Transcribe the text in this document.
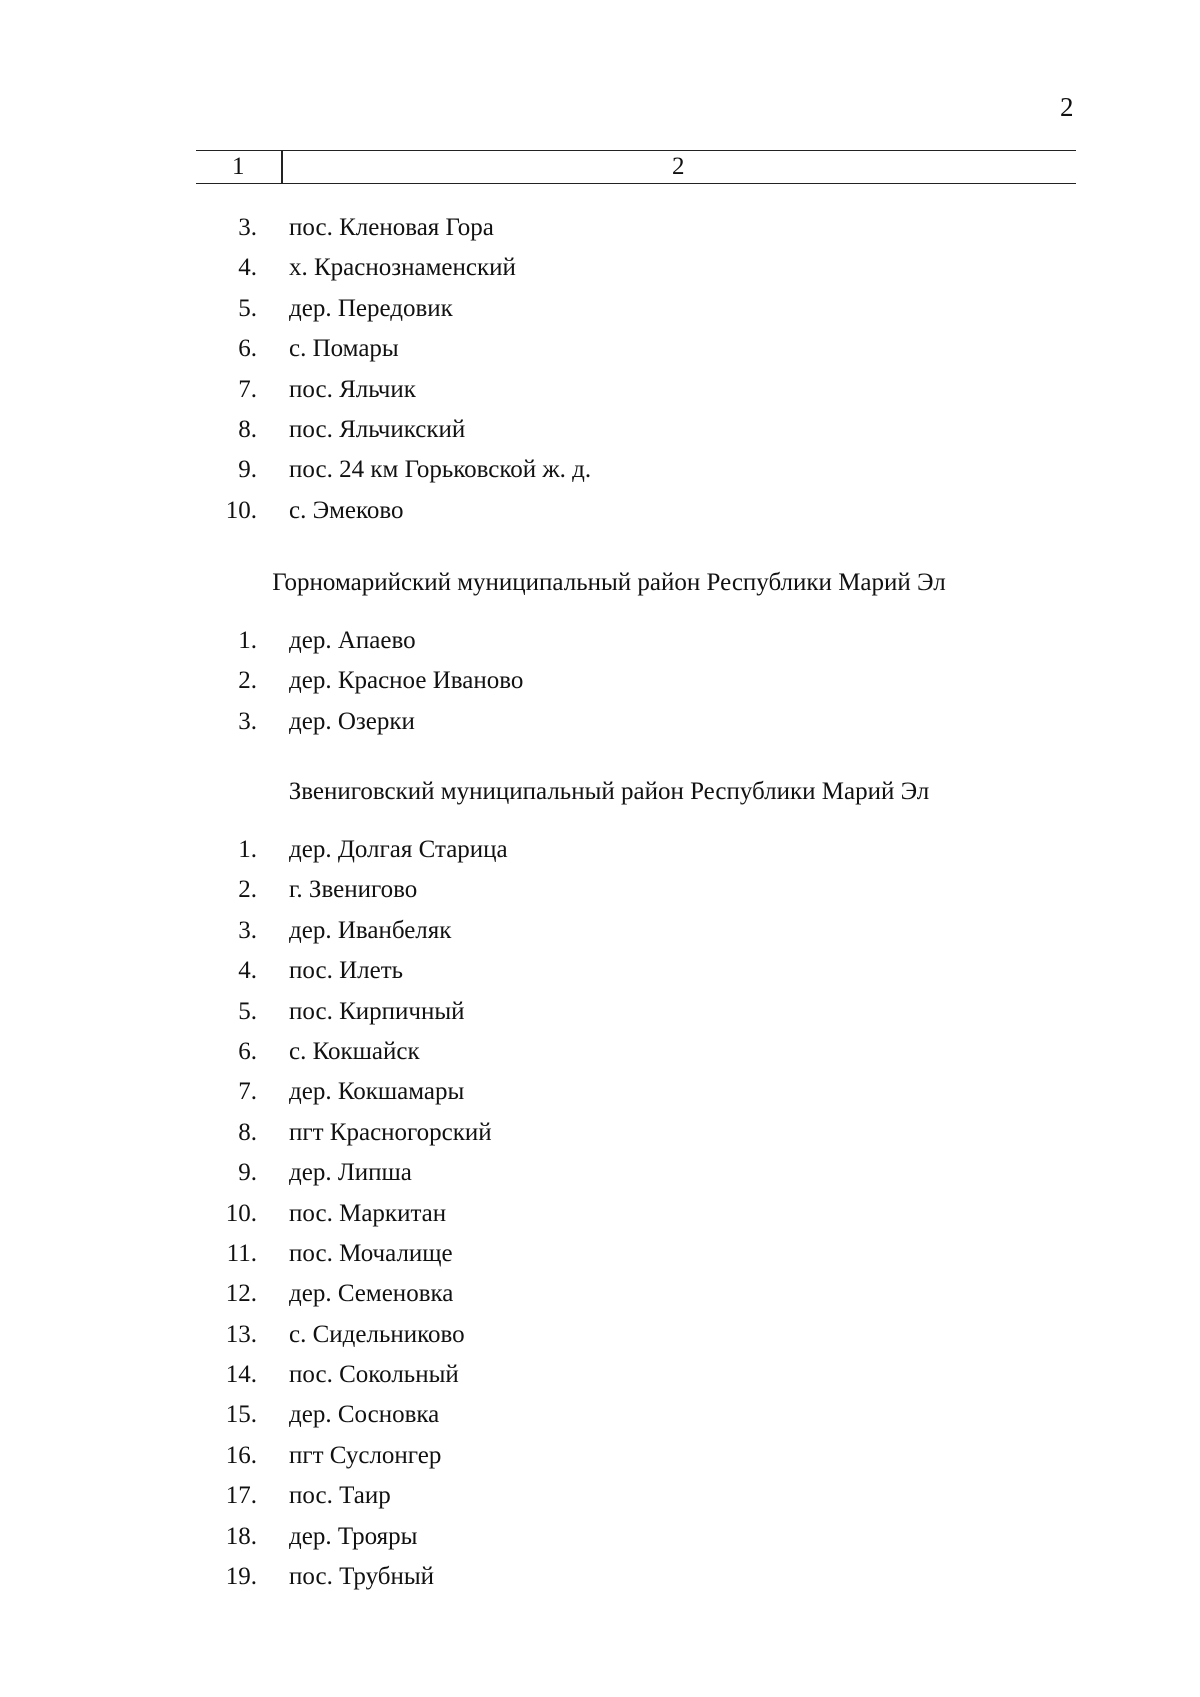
2
1	2
3. пос. Кленовая Гора
4. х. Краснознаменский
5. дер. Передовик
6. с. Помары
7. пос. Яльчик
8. пос. Яльчикский
9. пос. 24 км Горьковской ж. д.
10. с. Эмеково
Горномарийский муниципальный район Республики Марий Эл
1. дер. Апаево
2. дер. Красное Иваново
3. дер. Озерки
Звениговский муниципальный район Республики Марий Эл
1. дер. Долгая Старица
2. г. Звенигово
3. дер. Иванбеляк
4. пос. Илеть
5. пос. Кирпичный
6. с. Кокшайск
7. дер. Кокшамары
8. пгт Красногорский
9. дер. Липша
10. пос. Маркитан
11. пос. Мочалище
12. дер. Семеновка
13. с. Сидельниково
14. пос. Сокольный
15. дер. Сосновка
16. пгт Суслонгер
17. пос. Таир
18. дер. Трояры
19. пос. Трубный
